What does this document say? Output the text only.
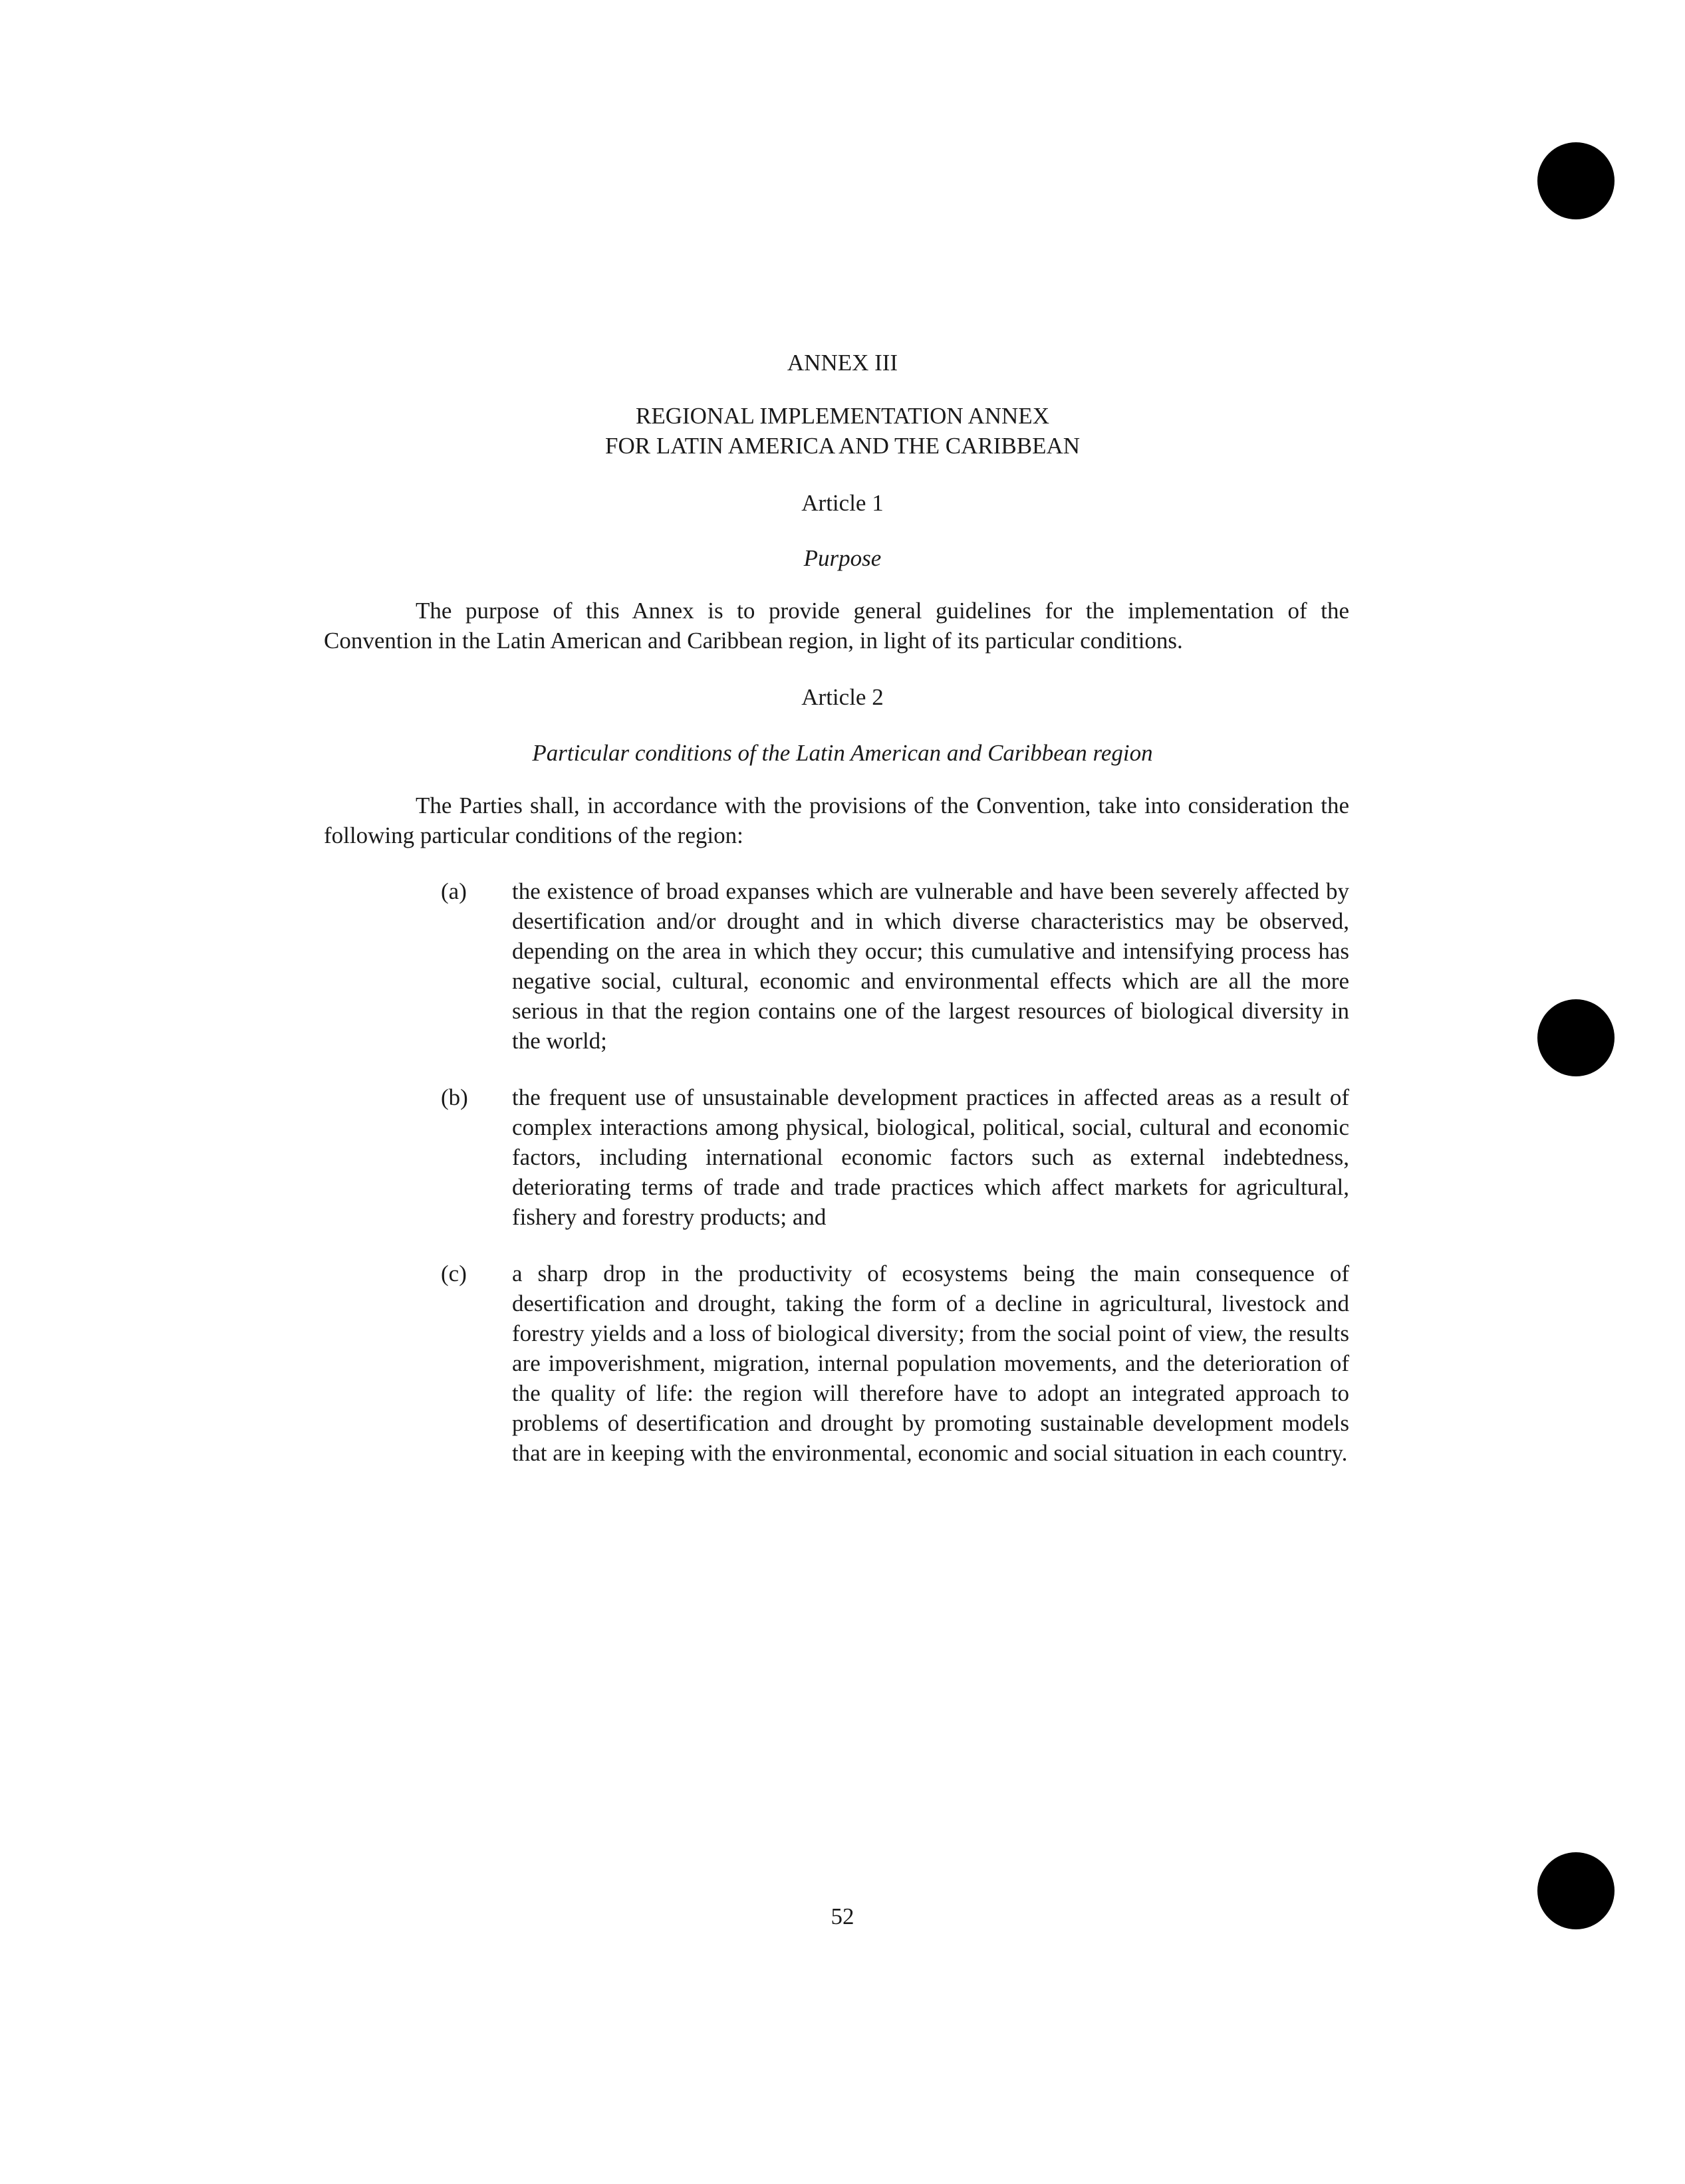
ANNEX III

REGIONAL IMPLEMENTATION ANNEX
FOR LATIN AMERICA AND THE CARIBBEAN

Article 1

Purpose

The purpose of this Annex is to provide general guidelines for the implementation of the Convention in the Latin American and Caribbean region, in light of its particular conditions.

Article 2

Particular conditions of the Latin American and Caribbean region

The Parties shall, in accordance with the provisions of the Convention, take into consideration the following particular conditions of the region:

(a) the existence of broad expanses which are vulnerable and have been severely affected by desertification and/or drought and in which diverse characteristics may be observed, depending on the area in which they occur; this cumulative and intensifying process has negative social, cultural, economic and environmental effects which are all the more serious in that the region contains one of the largest resources of biological diversity in the world;
(b) the frequent use of unsustainable development practices in affected areas as a result of complex interactions among physical, biological, political, social, cultural and economic factors, including international economic factors such as external indebtedness, deteriorating terms of trade and trade practices which affect markets for agricultural, fishery and forestry products; and
(c) a sharp drop in the productivity of ecosystems being the main consequence of desertification and drought, taking the form of a decline in agricultural, livestock and forestry yields and a loss of biological diversity; from the social point of view, the results are impoverishment, migration, internal population movements, and the deterioration of the quality of life: the region will therefore have to adopt an integrated approach to problems of desertification and drought by promoting sustainable development models that are in keeping with the environmental, economic and social situation in each country.

52
